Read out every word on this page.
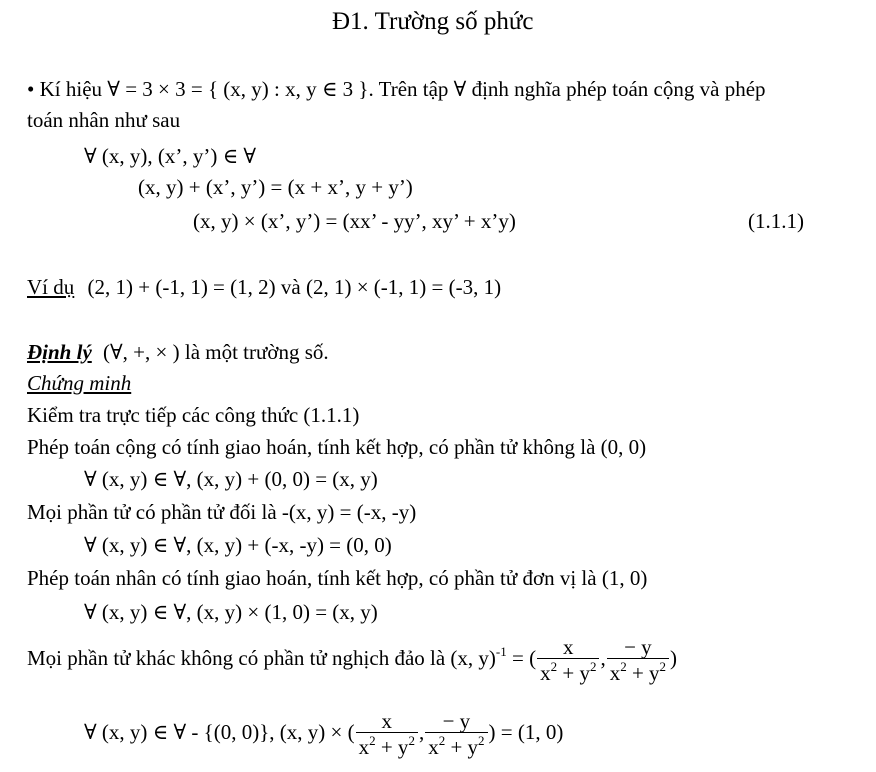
Đ1. Trường số phức
• Kí hiệu ∀ = 3 × 3 = { (x, y) : x, y ∈ 3 }. Trên tập ∀ định nghĩa phép toán cộng và phép
toán nhân như sau
∀ (x, y), (x’, y’) ∈ ∀
(x, y) + (x’, y’) = (x + x’, y + y’)
(x, y) × (x’, y’) = (xx’ - yy’, xy’ + x’y)	(1.1.1)
Ví dụ (2, 1) + (-1, 1) = (1, 2) và (2, 1) × (-1, 1) = (-3, 1)
Định lý (∀, +, × ) là một trường số.
Chứng minh
Kiểm tra trực tiếp các công thức (1.1.1)
Phép toán cộng có tính giao hoán, tính kết hợp, có phần tử không là (0, 0)
∀ (x, y) ∈ ∀, (x, y) + (0, 0) = (x, y)
Mọi phần tử có phần tử đối là -(x, y) = (-x, -y)
∀ (x, y) ∈ ∀, (x, y) + (-x, -y) = (0, 0)
Phép toán nhân có tính giao hoán, tính kết hợp, có phần tử đơn vị là (1, 0)
∀ (x, y) ∈ ∀, (x, y) × (1, 0) = (x, y)
Mọi phần tử khác không có phần tử nghịch đảo là (x, y)$^{-1}$ = ( $\frac{x}{x^2 + y^2}$ , $\frac{- y}{x^2 + y^2}$ )
∀ (x, y) ∈ ∀ - {(0, 0)}, (x, y) × ( $\frac{x}{x^2 + y^2}$ , $\frac{- y}{x^2 + y^2}$ ) = (1, 0)
